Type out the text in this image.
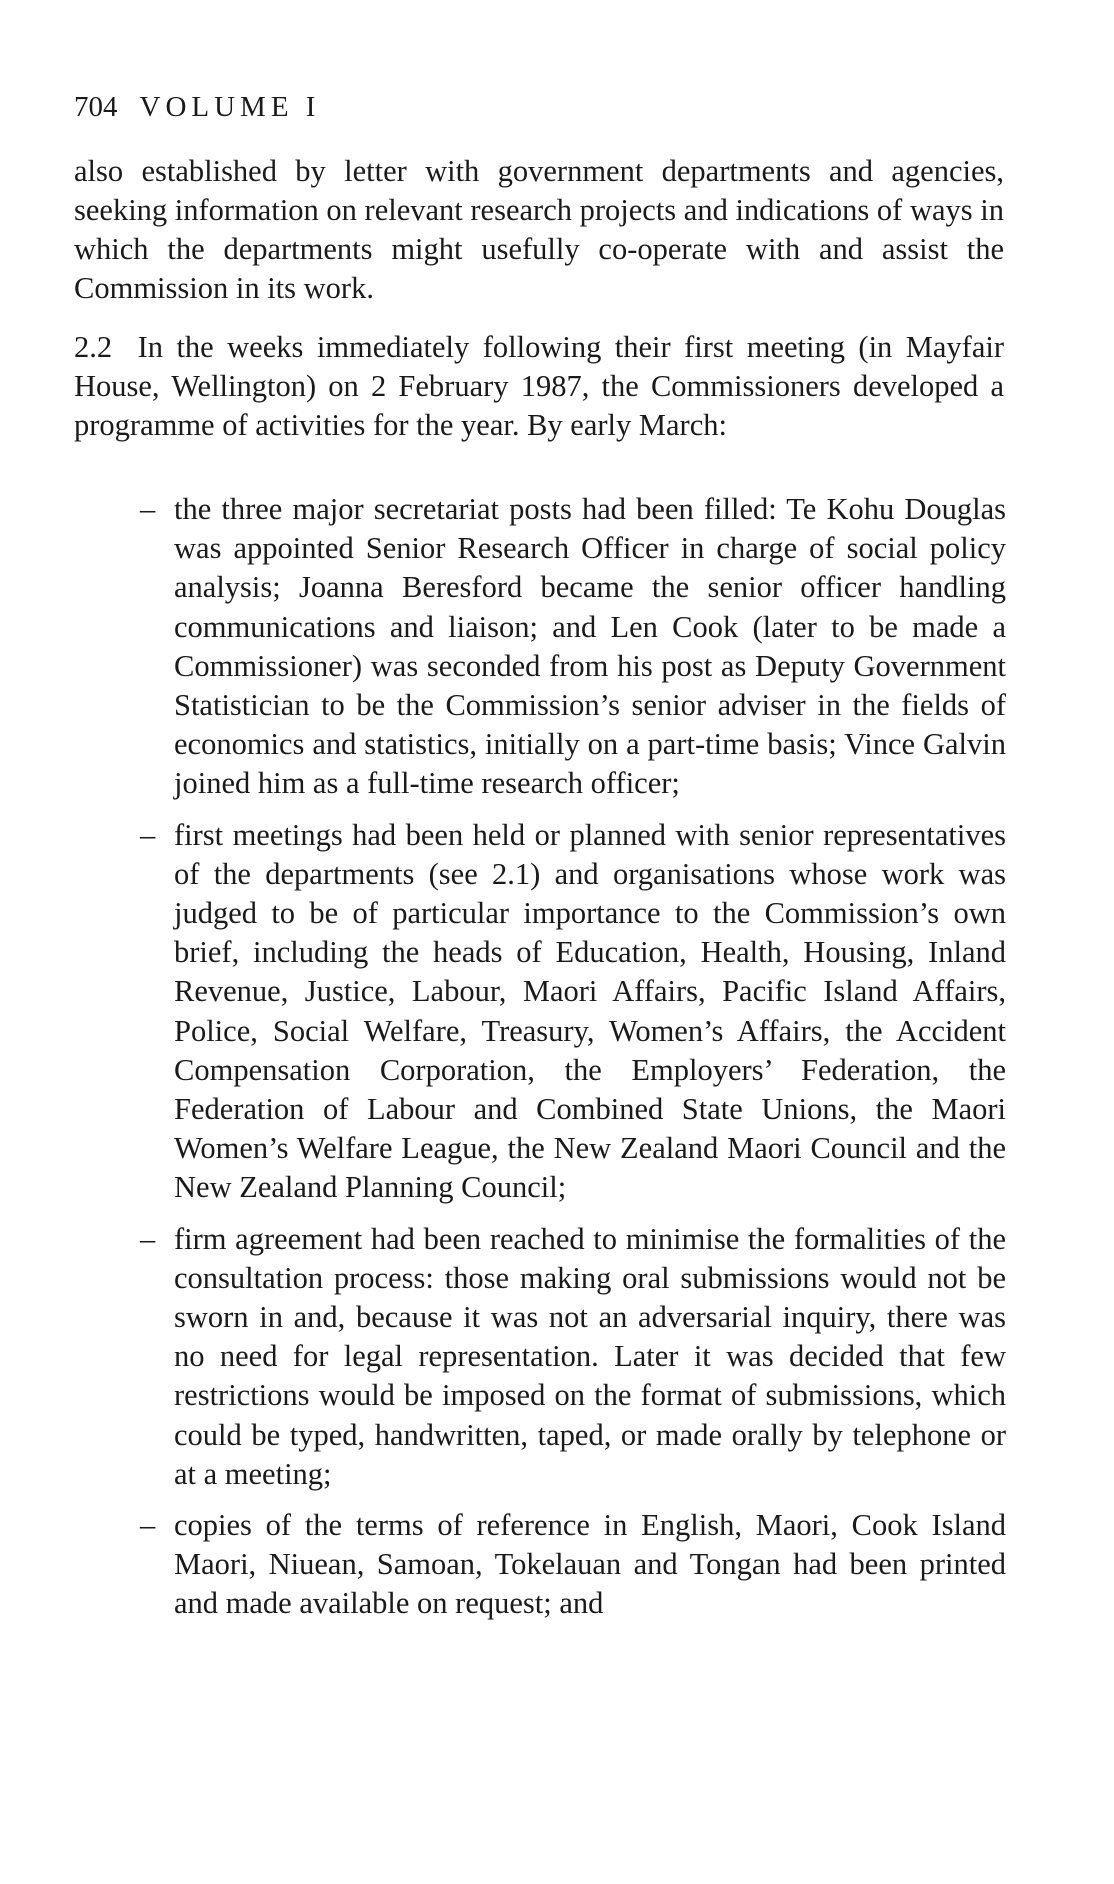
704 VOLUME I

also established by letter with government departments and agencies, seeking information on relevant research projects and indications of ways in which the departments might usefully co-operate with and assist the Commission in its work.

2.2 In the weeks immediately following their first meeting (in Mayfair House, Wellington) on 2 February 1987, the Commissioners developed a programme of activities for the year. By early March:

– the three major secretariat posts had been filled: Te Kohu Douglas was appointed Senior Research Officer in charge of social policy analysis; Joanna Beresford became the senior officer handling communications and liaison; and Len Cook (later to be made a Commissioner) was seconded from his post as Deputy Government Statistician to be the Commission’s senior adviser in the fields of economics and statistics, initially on a part-time basis; Vince Galvin joined him as a full-time research officer;
– first meetings had been held or planned with senior representatives of the departments (see 2.1) and organisations whose work was judged to be of particular importance to the Commission’s own brief, including the heads of Education, Health, Housing, Inland Revenue, Justice, Labour, Maori Affairs, Pacific Island Affairs, Police, Social Welfare, Treasury, Women’s Affairs, the Accident Compensation Corporation, the Employers’ Federation, the Federation of Labour and Combined State Unions, the Maori Women’s Welfare League, the New Zealand Maori Council and the New Zealand Planning Council;
– firm agreement had been reached to minimise the formalities of the consultation process: those making oral submissions would not be sworn in and, because it was not an adversarial inquiry, there was no need for legal representation. Later it was decided that few restrictions would be imposed on the format of submissions, which could be typed, handwritten, taped, or made orally by telephone or at a meeting;
– copies of the terms of reference in English, Maori, Cook Island Maori, Niuean, Samoan, Tokelauan and Tongan had been printed and made available on request; and
